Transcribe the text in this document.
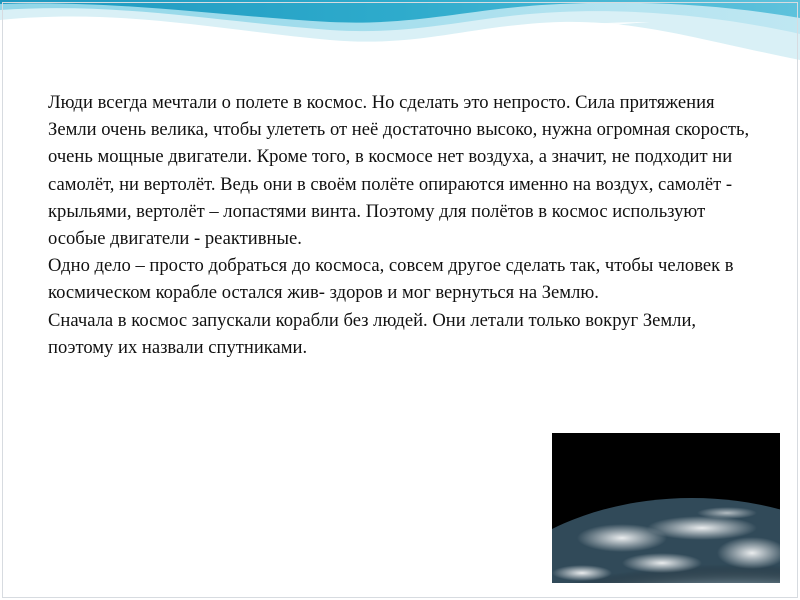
Люди всегда мечтали о полете в космос. Но сделать это непросто. Сила притяжения Земли очень велика, чтобы улететь от неё достаточно высоко, нужна огромная скорость, очень мощные двигатели. Кроме того, в космосе нет воздуха, а значит, не подходит ни самолёт, ни вертолёт. Ведь они в своём полёте опираются именно на воздух, самолёт - крыльями, вертолёт – лопастями винта. Поэтому для полётов в космос используют особые двигатели - реактивные.
Одно дело – просто добраться до космоса, совсем другое сделать так, чтобы человек в космическом корабле остался жив- здоров и мог вернуться на Землю.
Сначала в космос запускали корабли без людей. Они летали только вокруг Земли, поэтому их назвали спутниками.
